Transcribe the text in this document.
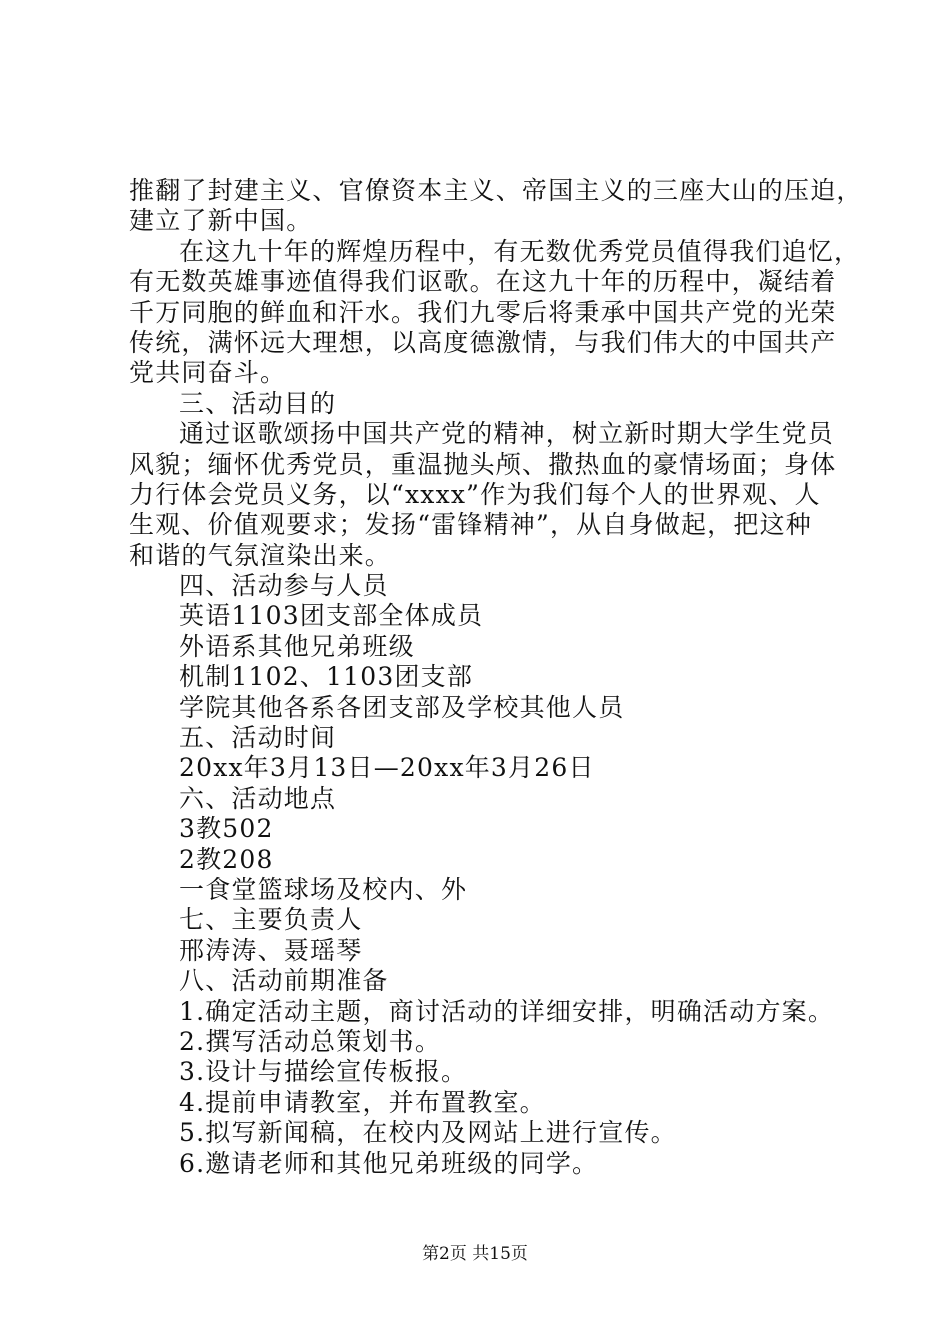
推翻了封建主义、官僚资本主义、帝国主义的三座大山的压迫，
建立了新中国。
在这九十年的辉煌历程中，有无数优秀党员值得我们追忆，
有无数英雄事迹值得我们讴歌。在这九十年的历程中，凝结着
千万同胞的鲜血和汗水。我们九零后将秉承中国共产党的光荣
传统，满怀远大理想，以高度德激情，与我们伟大的中国共产
党共同奋斗。
三、活动目的
通过讴歌颂扬中国共产党的精神，树立新时期大学生党员
风貌；缅怀优秀党员，重温抛头颅、撒热血的豪情场面；身体
力行体会党员义务，以“xxxx”作为我们每个人的世界观、人
生观、价值观要求；发扬“雷锋精神”，从自身做起，把这种
和谐的气氛渲染出来。
四、活动参与人员
英语1103团支部全体成员
外语系其他兄弟班级
机制1102、1103团支部
学院其他各系各团支部及学校其他人员
五、活动时间
20xx年3月13日—20xx年3月26日
六、活动地点
3教502
2教208
一食堂篮球场及校内、外
七、主要负责人
邢涛涛、聂瑶琴
八、活动前期准备
1.确定活动主题，商讨活动的详细安排，明确活动方案。
2.撰写活动总策划书。
3.设计与描绘宣传板报。
4.提前申请教室，并布置教室。
5.拟写新闻稿，在校内及网站上进行宣传。
6.邀请老师和其他兄弟班级的同学。
第2页 共15页
